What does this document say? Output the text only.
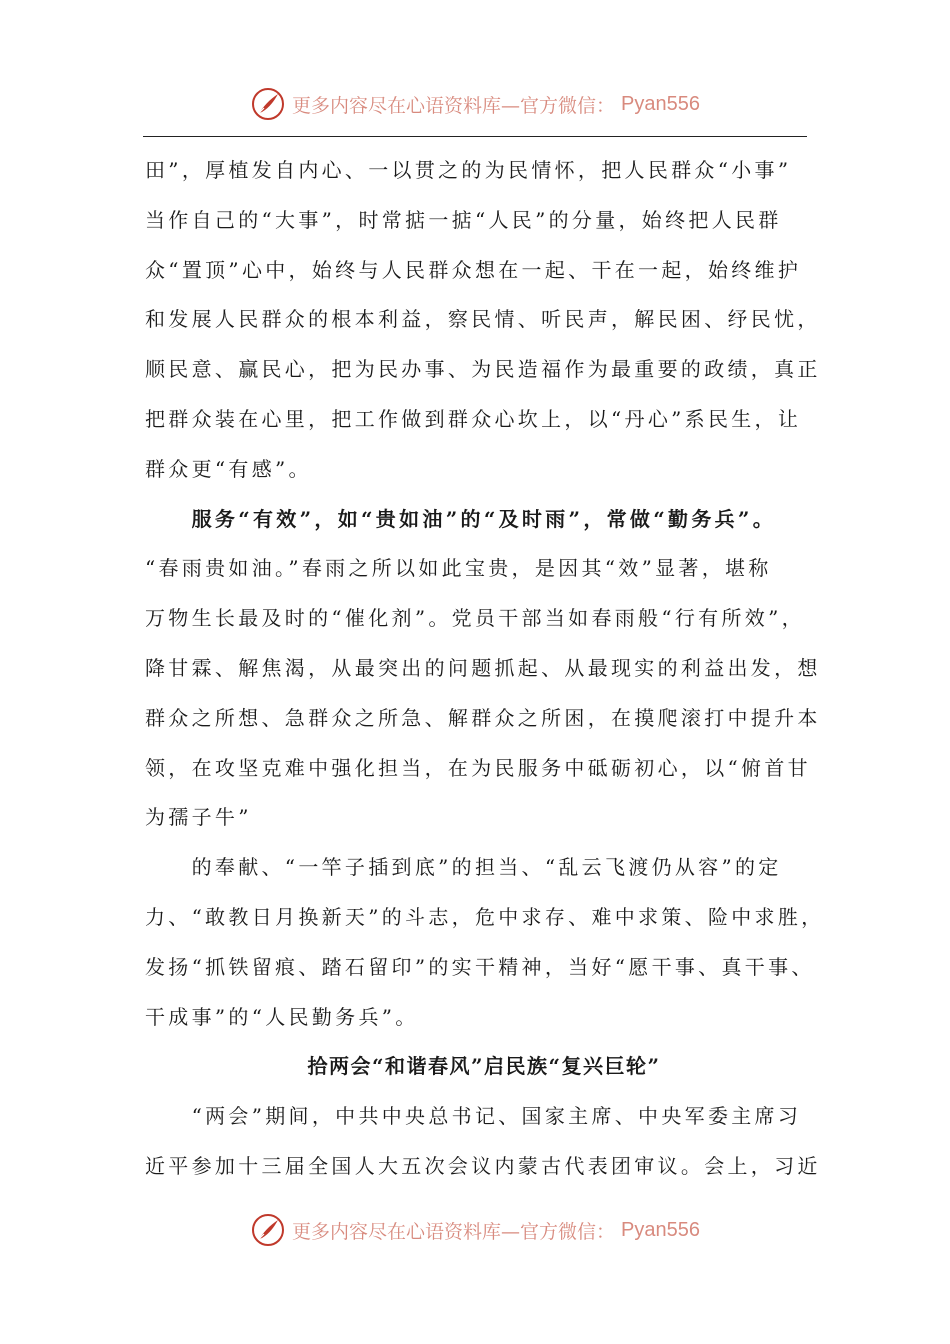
更多内容尽在心语资料库—官方微信： Pyan556
田”，厚植发自内心、一以贯之的为民情怀，把人民群众“小事”
当作自己的“大事”，时常掂一掂“人民”的分量，始终把人民群
众“置顶”心中，始终与人民群众想在一起、干在一起，始终维护
和发展人民群众的根本利益，察民情、听民声，解民困、纾民忧，
顺民意、赢民心，把为民办事、为民造福作为最重要的政绩，真正
把群众装在心里，把工作做到群众心坎上，以“丹心”系民生，让
群众更“有感”。
　　服务“有效”，如“贵如油”的“及时雨”，常做“勤务兵”。
“春雨贵如油。”春雨之所以如此宝贵，是因其“效”显著，堪称
万物生长最及时的“催化剂”。党员干部当如春雨般“行有所效”，
降甘霖、解焦渴，从最突出的问题抓起、从最现实的利益出发，想
群众之所想、急群众之所急、解群众之所困，在摸爬滚打中提升本
领，在攻坚克难中强化担当，在为民服务中砥砺初心，以“俯首甘
为孺子牛”
　　的奉献、“一竿子插到底”的担当、“乱云飞渡仍从容”的定
力、“敢教日月换新天”的斗志，危中求存、难中求策、险中求胜，
发扬“抓铁留痕、踏石留印”的实干精神，当好“愿干事、真干事、
干成事”的“人民勤务兵”。
拾两会“和谐春风”启民族“复兴巨轮”
　　“两会”期间，中共中央总书记、国家主席、中央军委主席习
近平参加十三届全国人大五次会议内蒙古代表团审议。会上，习近
更多内容尽在心语资料库—官方微信： Pyan556
